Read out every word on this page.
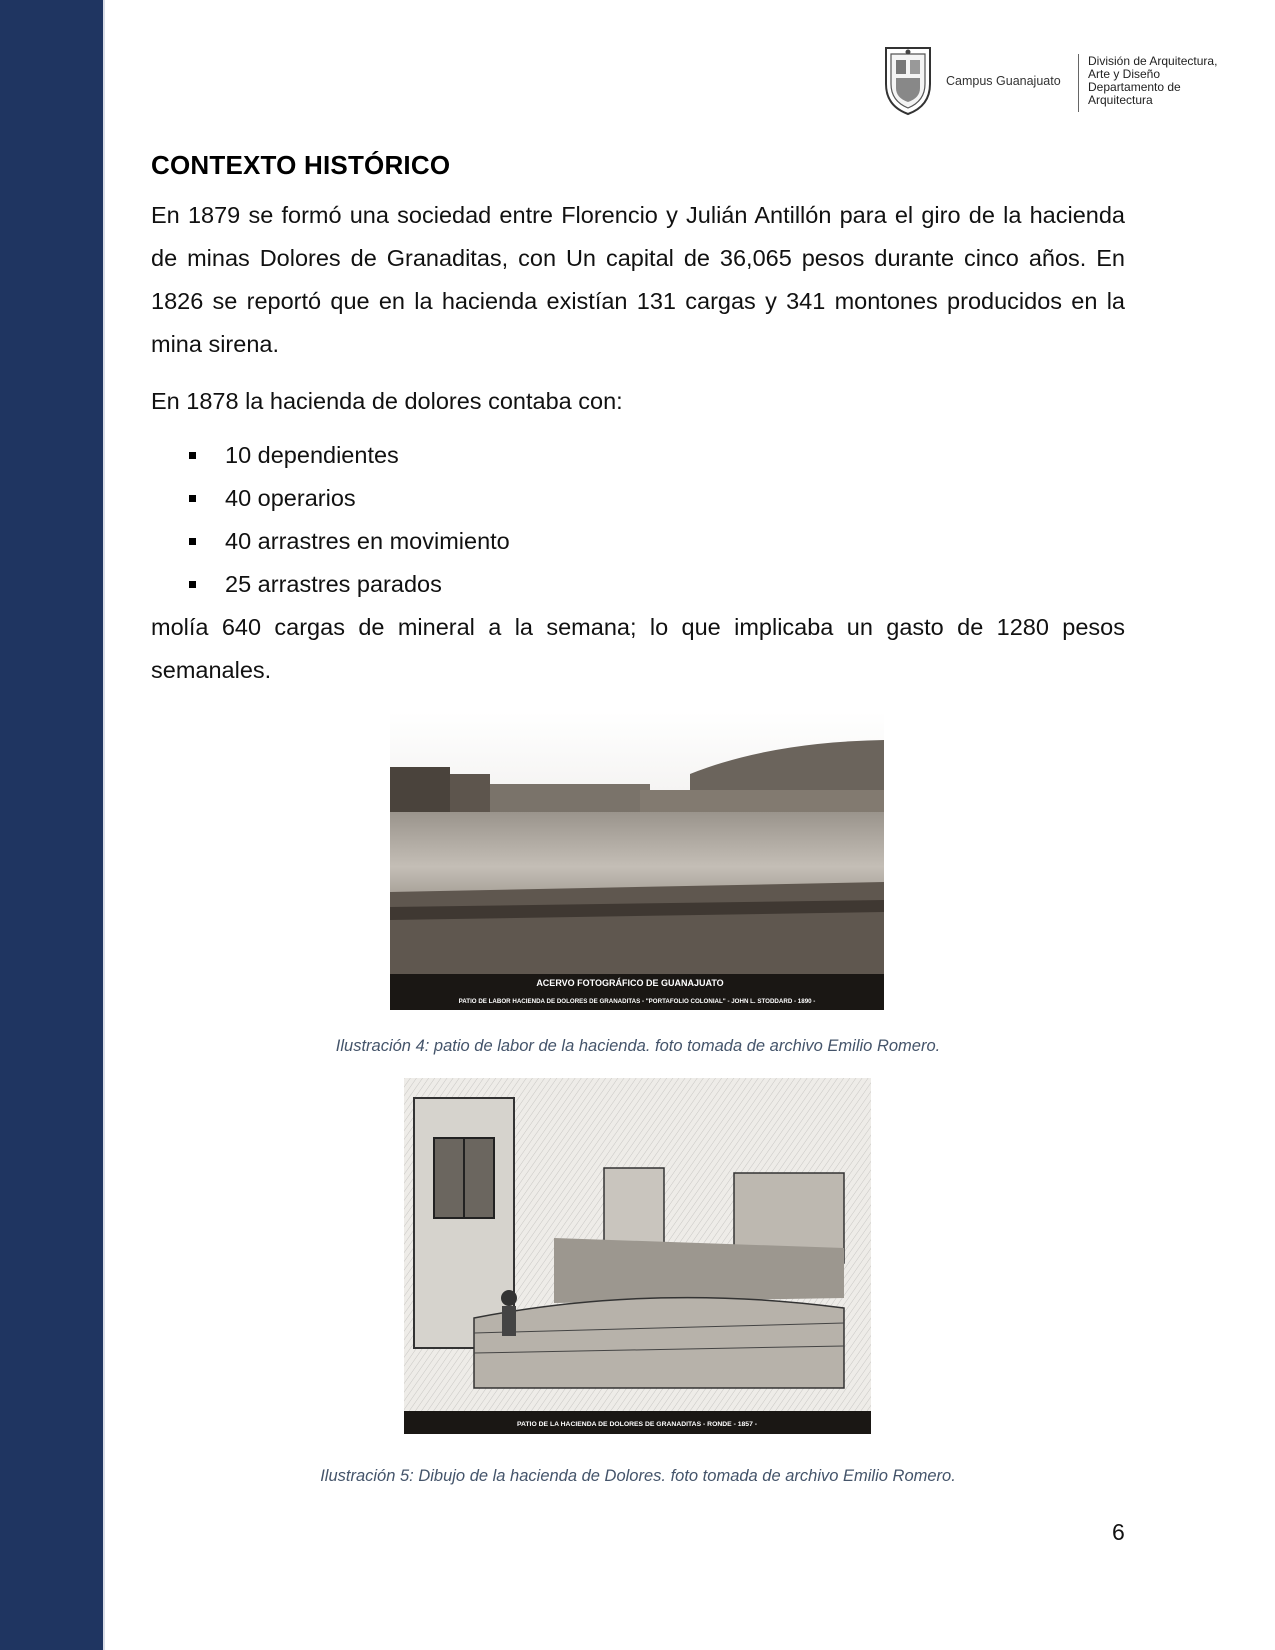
Campus Guanajuato
División de Arquitectura,
Arte y Diseño
Departamento de
Arquitectura
CONTEXTO HISTÓRICO

En 1879 se formó una sociedad entre Florencio y Julián Antillón para el giro de la hacienda de minas Dolores de Granaditas, con Un capital de 36,065 pesos durante cinco años. En 1826 se reportó que en la hacienda existían 131 cargas y 341 montones producidos en la mina sirena.

En 1878 la hacienda de dolores contaba con:

10 dependientes
40 operarios
40 arrastres en movimiento
25 arrastres parados

molía 640 cargas de mineral a la semana; lo que implicaba un gasto de 1280 pesos semanales.

ACERVO FOTOGRÁFICO DE GUANAJUATO
PATIO DE LABOR HACIENDA DE DOLORES DE GRANADITAS - "PORTAFOLIO COLONIAL" - JOHN L. STODDARD - 1890 -
Ilustración 4: patio de labor de la hacienda. foto tomada de archivo Emilio Romero.
PATIO DE LA HACIENDA DE DOLORES DE GRANADITAS - RONDE - 1857 -
Ilustración 5: Dibujo de la hacienda de Dolores. foto tomada de archivo Emilio Romero.
6
